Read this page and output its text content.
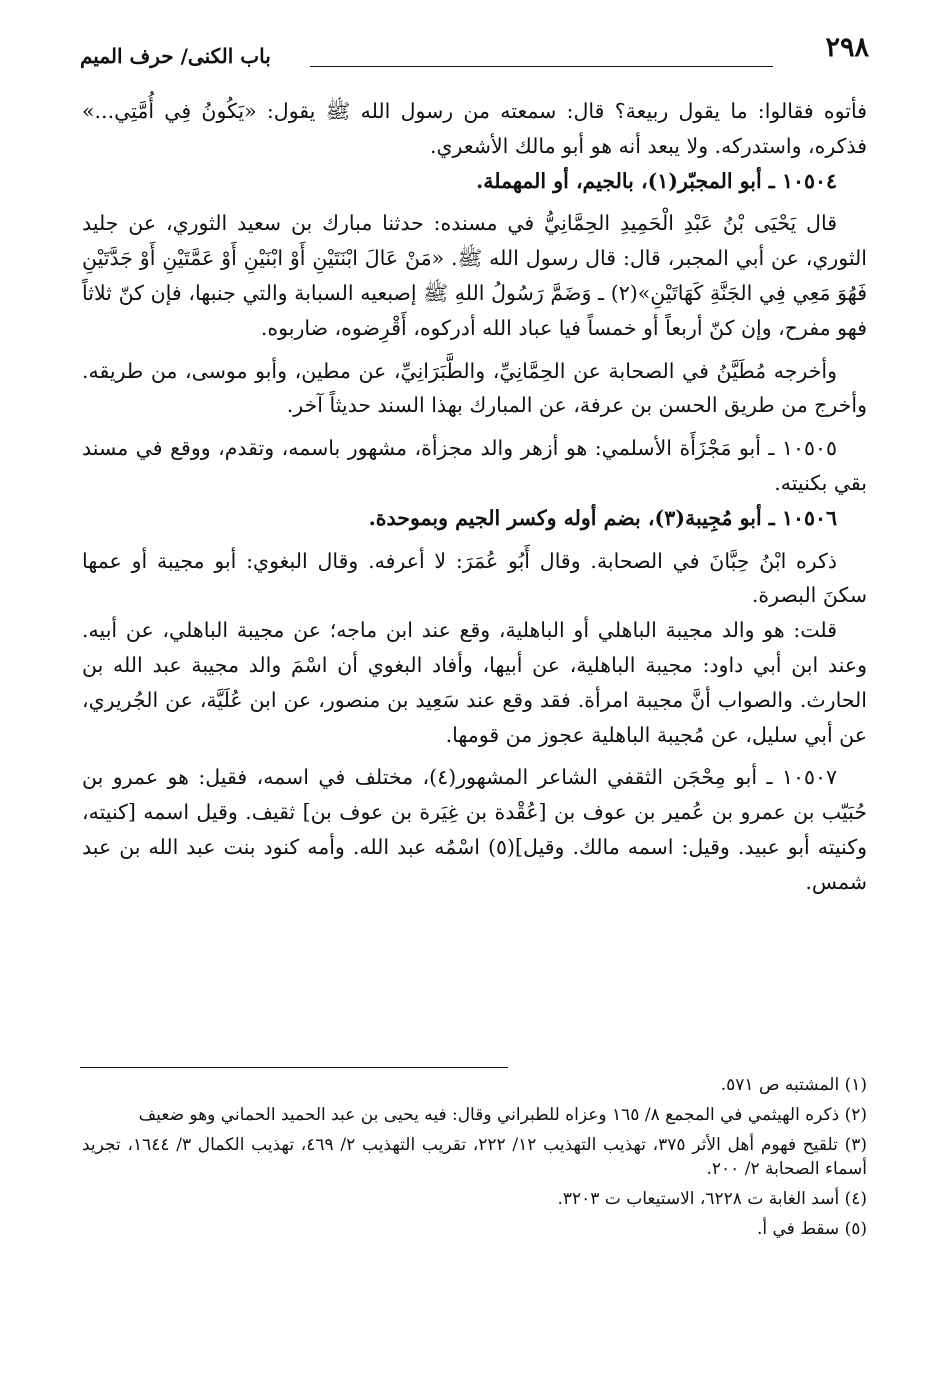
٢٩٨
باب الكنى/ حرف الميم

فأتوه فقالوا: ما يقول ربيعة؟ قال: سمعته من رسول الله ﷺ يقول: «يَكُونُ فِي أُمَّتِي...» فذكره، واستدركه. ولا يبعد أنه هو أبو مالك الأشعري.

١٠٥٠٤ ـ أبو المجبّر(١)، بالجيم، أو المهملة.

قال يَحْيَى بْنُ عَبْدِ الْحَمِيدِ الحِمَّانِيُّ في مسنده: حدثنا مبارك بن سعيد الثوري، عن جليد الثوري، عن أبي المجبر، قال: قال رسول الله ﷺ. «مَنْ عَالَ ابْنَتَيْنِ أَوْ ابْنَيْنِ أَوْ عَمَّتَيْنِ أَوْ جَدَّتَيْنِ فَهُوَ مَعِي فِي الجَنَّةِ كَهَاتَيْنِ»(٢) ـ وَضَمَّ رَسُولُ اللهِ ﷺ إصبعيه السبابة والتي جنبها، فإن كنّ ثلاثاً فهو مفرح، وإن كنّ أربعاً أو خمساً فيا عباد الله أدركوه، أَقْرِضوه، ضاربوه.

وأخرجه مُطَيَّنُ في الصحابة عن الحِمَّانِيِّ، والطَّبَرَانِيِّ، عن مطين، وأبو موسى، من طريقه. وأخرج من طريق الحسن بن عرفة، عن المبارك بهذا السند حديثاً آخر.

١٠٥٠٥ ـ أبو مَجْزَأَة الأسلمي: هو أزهر والد مجزأة، مشهور باسمه، وتقدم، ووقع في مسند بقي بكنيته.

١٠٥٠٦ ـ أبو مُجِيبة(٣)، بضم أوله وكسر الجيم وبموحدة.

ذكره ابْنُ حِبَّانَ في الصحابة. وقال أَبُو عُمَرَ: لا أعرفه. وقال البغوي: أبو مجيبة أو عمها سكنَ البصرة.

قلت: هو والد مجيبة الباهلي أو الباهلية، وقع عند ابن ماجه؛ عن مجيبة الباهلي، عن أبيه. وعند ابن أبي داود: مجيبة الباهلية، عن أبيها، وأفاد البغوي أن اسْمَ والد مجيبة عبد الله بن الحارث. والصواب أنَّ مجيبة امرأة. فقد وقع عند سَعِيد بن منصور، عن ابن عُلَيَّة، عن الجُريري، عن أبي سليل، عن مُجيبة الباهلية عجوز من قومها.

١٠٥٠٧ ـ أبو مِحْجَن الثقفي الشاعر المشهور(٤)، مختلف في اسمه، فقيل: هو عمرو بن حُبَيّب بن عمرو بن عُمير بن عوف بن [عُقْدة بن غِيَرة بن عوف بن] ثقيف. وقيل اسمه [كنيته، وكنيته أبو عبيد. وقيل: اسمه مالك. وقيل](٥) اسْمُه عبد الله. وأمه كنود بنت عبد الله بن عبد شمس.

(١) المشتبه ص ٥٧١.

(٢) ذكره الهيثمي في المجمع ٨/ ١٦٥ وعزاه للطبراني وقال: فيه يحيى بن عبد الحميد الحماني وهو ضعيف

(٣) تلقيح فهوم أهل الأثر ٣٧٥، تهذيب التهذيب ١٢/ ٢٢٢، تقريب التهذيب ٢/ ٤٦٩، تهذيب الكمال ٣/ ١٦٤٤، تجريد أسماء الصحابة ٢/ ٢٠٠.

(٤) أسد الغابة ت ٦٢٢٨، الاستيعاب ت ٣٢٠٣.

(٥) سقط في أ.
